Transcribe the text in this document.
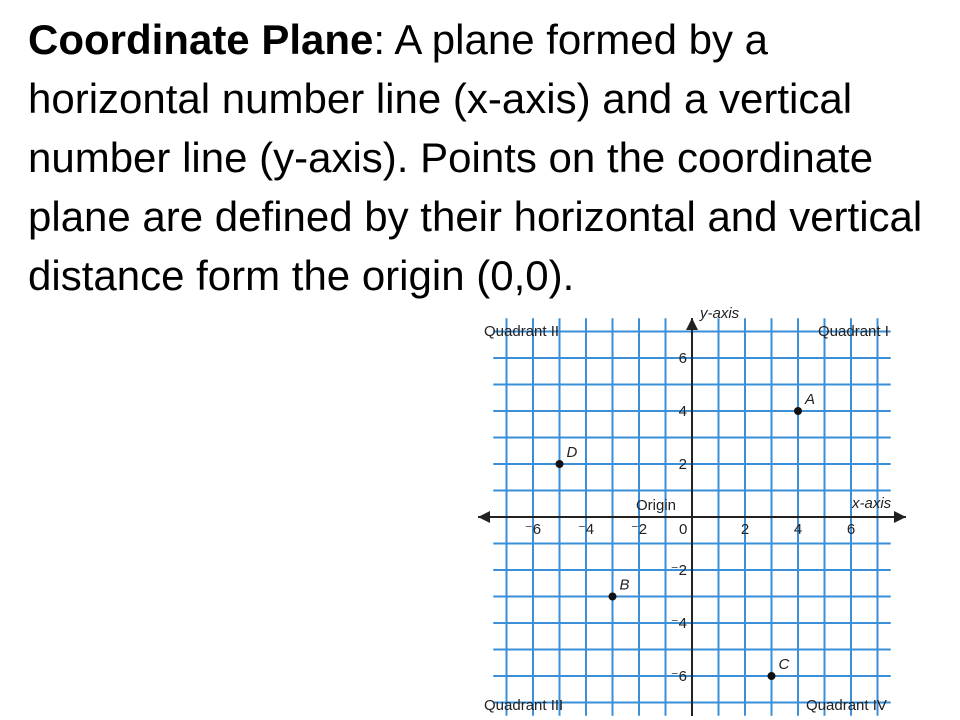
Coordinate Plane: A plane formed by a horizontal number line (x-axis) and a vertical number line (y-axis). Points on the coordinate plane are defined by their horizontal and vertical distance form the origin (0,0).

⁻6 ⁻4 ⁻2	2	4	6
6
4
2
⁻2
⁻4
⁻6
A
B
C
D
y-axis
x-axis
Origin
0
Quadrant II	Quadrant I
Quadrant III	Quadrant IV
